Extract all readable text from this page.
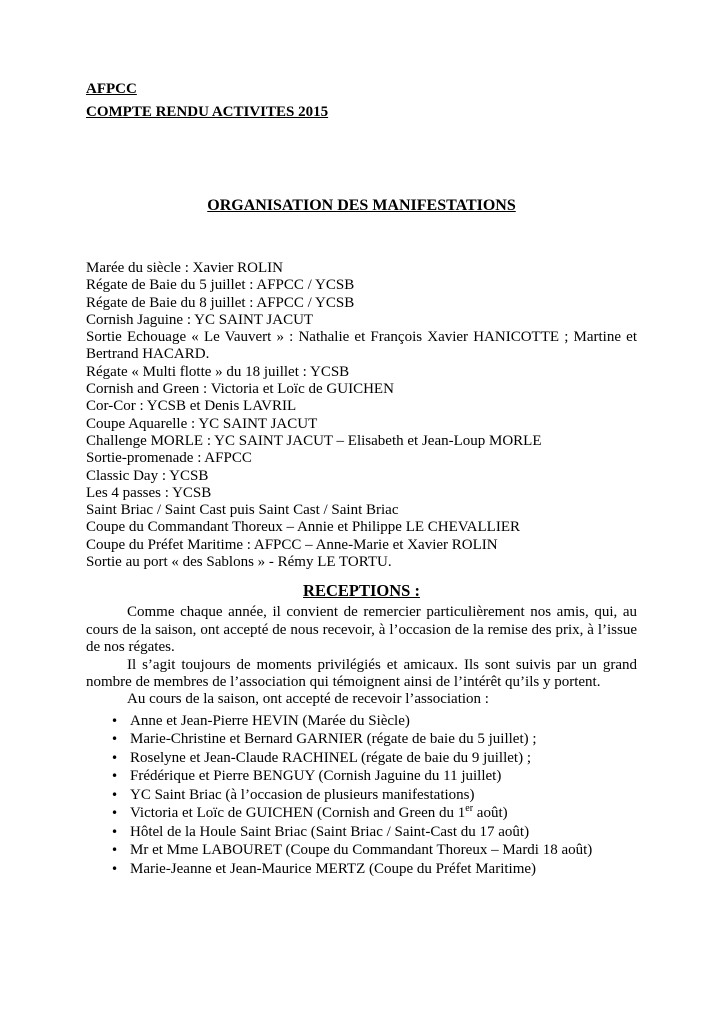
AFPCC
COMPTE RENDU ACTIVITES 2015
ORGANISATION DES MANIFESTATIONS
Marée du siècle : Xavier ROLIN
Régate de Baie du 5 juillet : AFPCC / YCSB
Régate de Baie du 8 juillet : AFPCC / YCSB
Cornish Jaguine : YC SAINT JACUT
Sortie Echouage « Le Vauvert » : Nathalie et François Xavier HANICOTTE ; Martine et Bertrand HACARD.
Régate « Multi flotte » du 18 juillet : YCSB
Cornish and Green : Victoria et Loïc de GUICHEN
Cor-Cor : YCSB et Denis LAVRIL
Coupe Aquarelle : YC SAINT JACUT
Challenge MORLE : YC SAINT JACUT – Elisabeth et Jean-Loup MORLE
Sortie-promenade : AFPCC
Classic Day : YCSB
Les 4 passes : YCSB
Saint Briac / Saint Cast puis Saint Cast / Saint Briac
Coupe du Commandant Thoreux – Annie et Philippe LE CHEVALLIER
Coupe du Préfet Maritime : AFPCC – Anne-Marie et Xavier ROLIN
Sortie au port « des Sablons » - Rémy LE TORTU.
RECEPTIONS :

Comme chaque année, il convient de remercier particulièrement nos amis, qui, au cours de la saison, ont accepté de nous recevoir, à l’occasion de la remise des prix, à l’issue de nos régates.

Il s’agit toujours de moments privilégiés et amicaux. Ils sont suivis par un grand nombre de membres de l’association qui témoignent ainsi de l’intérêt qu’ils y portent.

Au cours de la saison, ont accepté de recevoir l’association :

• Anne et Jean-Pierre HEVIN (Marée du Siècle)
• Marie-Christine et Bernard GARNIER (régate de baie du 5 juillet) ;
• Roselyne et Jean-Claude RACHINEL (régate de baie du 9 juillet) ;
• Frédérique et Pierre BENGUY (Cornish Jaguine du 11 juillet)
• YC Saint Briac (à l’occasion de plusieurs manifestations)
• Victoria et Loïc de GUICHEN (Cornish and Green du 1er août)
• Hôtel de la Houle Saint Briac (Saint Briac / Saint-Cast du 17 août)
• Mr et Mme LABOURET (Coupe du Commandant Thoreux – Mardi 18 août)
• Marie-Jeanne et Jean-Maurice MERTZ (Coupe du Préfet Maritime)
